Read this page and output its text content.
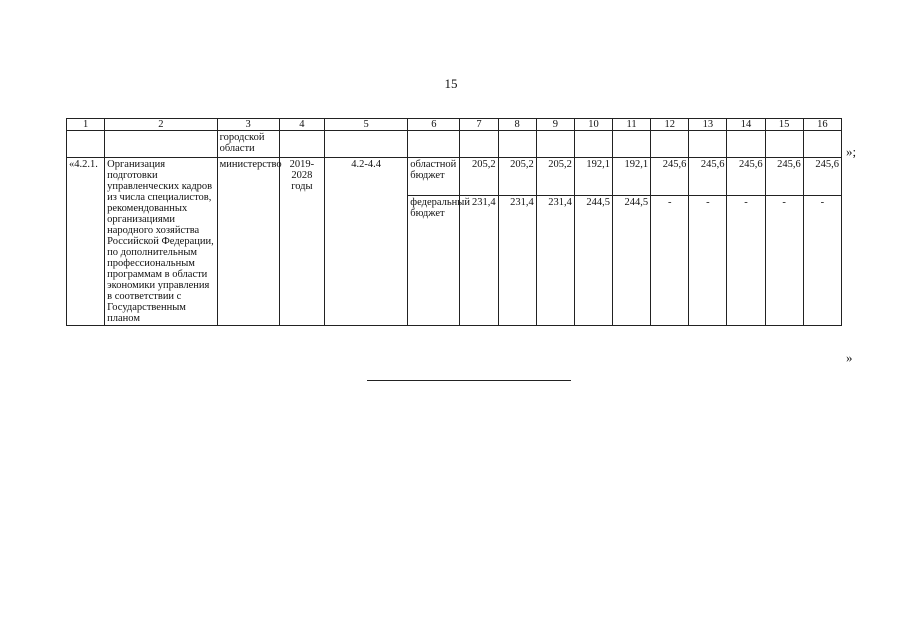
15
1	2	3	4	5	6	7	8	9	10	11	12	13	14	15	16
		городской области													
«4.2.1.	Организация подготовки управленческих кадров из числа специалистов, рекомендованных организациями народного хозяйства Российской Федерации, по дополнительным профессиональным программам в области экономики управления в соответствии с Государственным планом	министерство	2019-2028 годы	4.2-4.4	областной бюджет	205,2	205,2	205,2	192,1	192,1	245,6	245,6	245,6	245,6	245,6
					федеральный бюджет	231,4	231,4	231,4	244,5	244,5	-	-	-	-	-
»;
»
